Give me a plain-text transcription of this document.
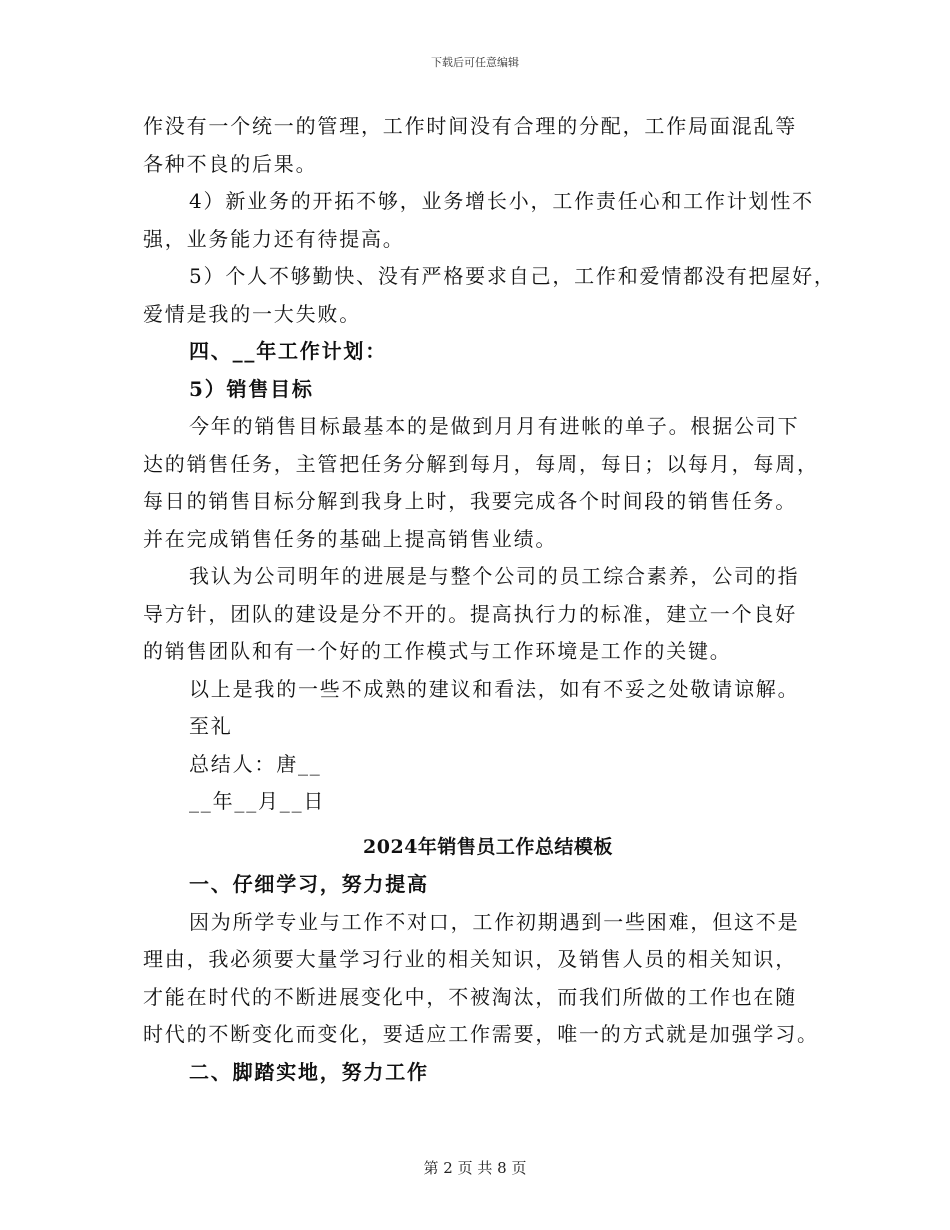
下载后可任意编辑
作没有一个统一的管理，工作时间没有合理的分配，工作局面混乱等
各种不良的后果。
4）新业务的开拓不够，业务增长小，工作责任心和工作计划性不
强，业务能力还有待提高。
5）个人不够勤快、没有严格要求自己，工作和爱情都没有把屋好，
爱情是我的一大失败。
四、__年工作计划：
5）销售目标
今年的销售目标最基本的是做到月月有进帐的单子。根据公司下
达的销售任务，主管把任务分解到每月，每周，每日；以每月，每周，
每日的销售目标分解到我身上时，我要完成各个时间段的销售任务。
并在完成销售任务的基础上提高销售业绩。
我认为公司明年的进展是与整个公司的员工综合素养，公司的指
导方针，团队的建设是分不开的。提高执行力的标准，建立一个良好
的销售团队和有一个好的工作模式与工作环境是工作的关键。
以上是我的一些不成熟的建议和看法，如有不妥之处敬请谅解。
至礼
总结人：唐__
__年__月__日
2024年销售员工作总结模板
一、仔细学习，努力提高
因为所学专业与工作不对口，工作初期遇到一些困难，但这不是
理由，我必须要大量学习行业的相关知识，及销售人员的相关知识，
才能在时代的不断进展变化中，不被淘汰，而我们所做的工作也在随
时代的不断变化而变化，要适应工作需要，唯一的方式就是加强学习。
二、脚踏实地，努力工作
第 2 页 共 8 页
